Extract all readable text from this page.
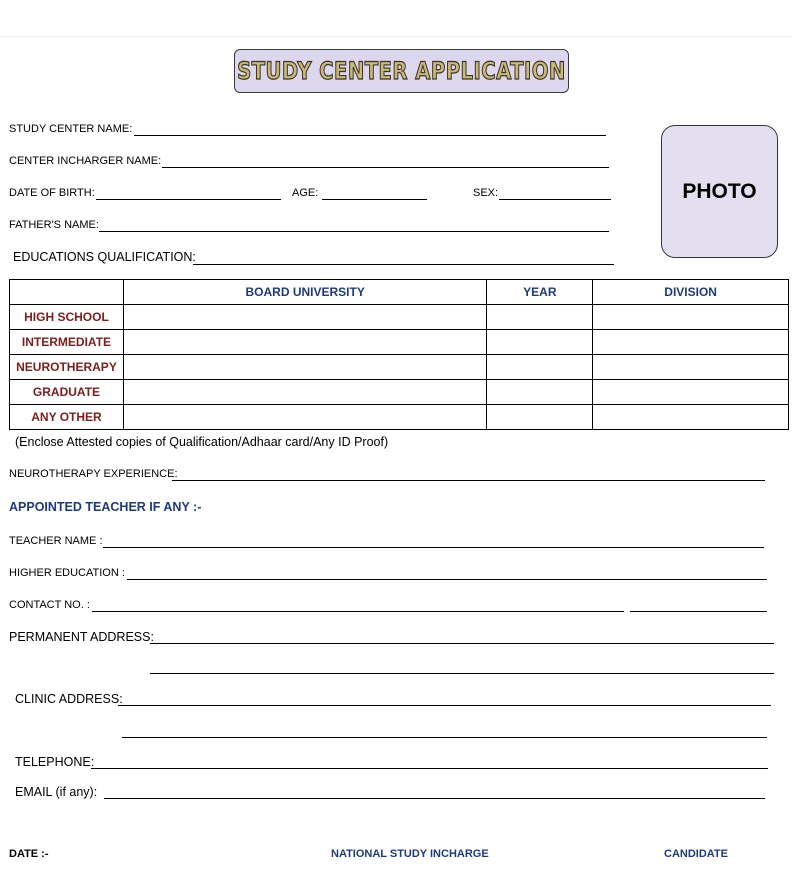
STUDY CENTER APPLICATION
PHOTO
STUDY CENTER NAME:
CENTER INCHARGER NAME:
DATE OF BIRTH:	AGE:	SEX:
FATHER'S NAME:
EDUCATIONS QUALIFICATION:
	BOARD UNIVERSITY	YEAR	DIVISION
HIGH SCHOOL			
INTERMEDIATE			
NEUROTHERAPY			
GRADUATE			
ANY OTHER			
(Enclose Attested copies of Qualification/Adhaar card/Any ID Proof)
NEUROTHERAPY EXPERIENCE:
APPOINTED TEACHER IF ANY :-
TEACHER NAME :
HIGHER EDUCATION :
CONTACT NO. :
PERMANENT ADDRESS:
CLINIC ADDRESS:
TELEPHONE:
EMAIL (if any):
DATE :-	NATIONAL STUDY INCHARGE	CANDIDATE
